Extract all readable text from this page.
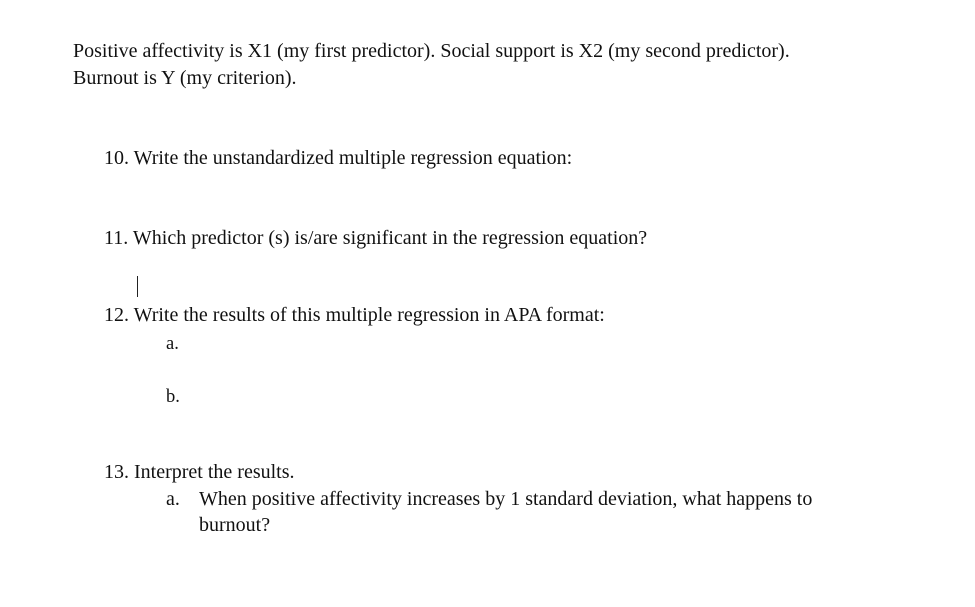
Positive affectivity is X1 (my first predictor). Social support is X2 (my second predictor).
Burnout is Y (my criterion).
10. Write the unstandardized multiple regression equation:
11. Which predictor (s) is/are significant in the regression equation?
12. Write the results of this multiple regression in APA format:
a.
b.
13. Interpret the results.
a. When positive affectivity increases by 1 standard deviation, what happens to
burnout?
